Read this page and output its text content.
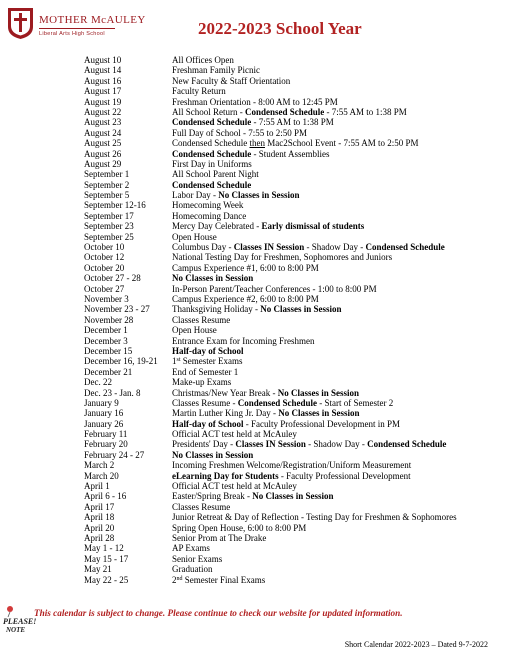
MOTHER McAULEY
Liberal Arts High School	2022-2023 School Year
August 10	All Offices Open
August 14	Freshman Family Picnic
August 16	New Faculty & Staff Orientation
August 17	Faculty Return
August 19	Freshman Orientation - 8:00 AM to 12:45 PM
August 22	All School Return - Condensed Schedule - 7:55 AM to 1:38 PM
August 23	Condensed Schedule - 7:55 AM to 1:38 PM
August 24	Full Day of School - 7:55 to 2:50 PM
August 25	Condensed Schedule then Mac2School Event - 7:55 AM to 2:50 PM
August 26	Condensed Schedule - Student Assemblies
August 29	First Day in Uniforms
September 1	All School Parent Night
September 2	Condensed Schedule
September 5	Labor Day - No Classes in Session
September 12-16	Homecoming Week
September 17	Homecoming Dance
September 23	Mercy Day Celebrated - Early dismissal of students
September 25	Open House
October 10	Columbus Day - Classes IN Session - Shadow Day - Condensed Schedule
October 12	National Testing Day for Freshmen, Sophomores and Juniors
October 20	Campus Experience #1, 6:00 to 8:00 PM
October 27 - 28	No Classes in Session
October 27	In-Person Parent/Teacher Conferences - 1:00 to 8:00 PM
November 3	Campus Experience #2, 6:00 to 8:00 PM
November 23 - 27	Thanksgiving Holiday - No Classes in Session
November 28	Classes Resume
December 1	Open House
December 3	Entrance Exam for Incoming Freshmen
December 15	Half-day of School
December 16, 19-21	1st Semester Exams
December 21	End of Semester 1
Dec. 22	Make-up Exams
Dec. 23 - Jan. 8	Christmas/New Year Break - No Classes in Session
January 9	Classes Resume - Condensed Schedule - Start of Semester 2
January 16	Martin Luther King Jr. Day - No Classes in Session
January 26	Half-day of School - Faculty Professional Development in PM
February 11	Official ACT test held at McAuley
February 20	Presidents' Day - Classes IN Session - Shadow Day - Condensed Schedule
February 24 - 27	No Classes in Session
March 2	Incoming Freshmen Welcome/Registration/Uniform Measurement
March 20	eLearning Day for Students - Faculty Professional Development
April 1	Official ACT test held at McAuley
April 6 - 16	Easter/Spring Break - No Classes in Session
April 17	Classes Resume
April 18	Junior Retreat & Day of Reflection - Testing Day for Freshmen & Sophomores
April 20	Spring Open House, 6:00 to 8:00 PM
April 28	Senior Prom at The Drake
May 1 - 12	AP Exams
May 15 - 17	Senior Exams
May 21	Graduation
May 22 - 25	2nd Semester Final Exams
PLEASE!
NOTE
This calendar is subject to change. Please continue to check our website for updated information.
Short Calendar 2022-2023 – Dated 9-7-2022
